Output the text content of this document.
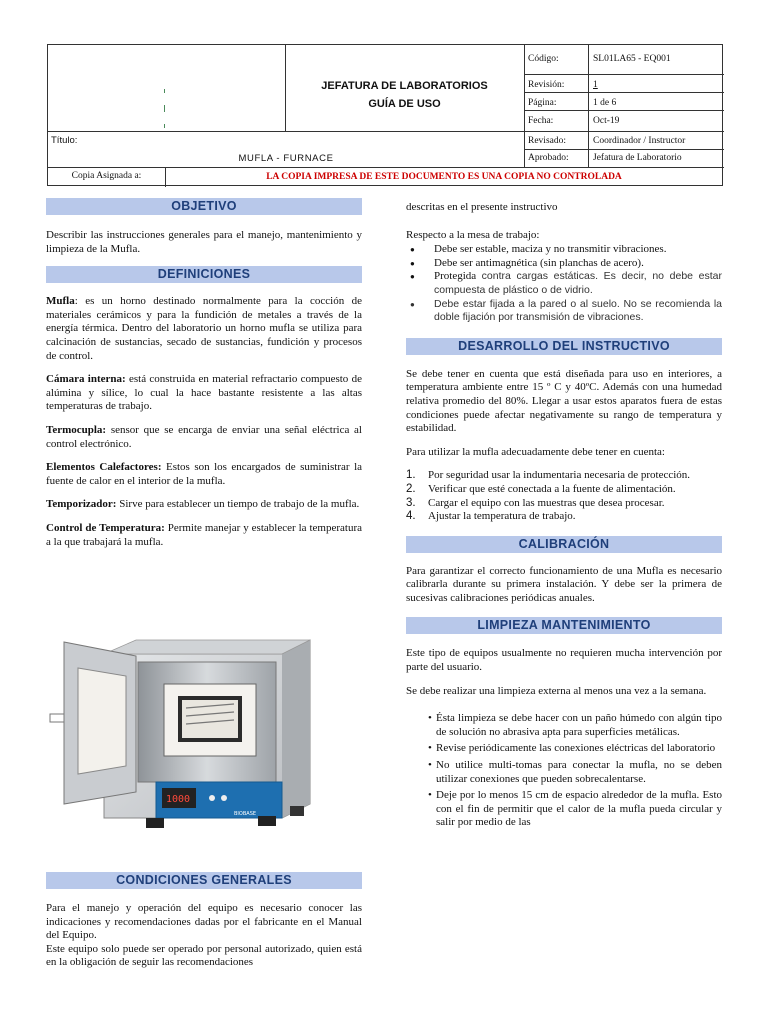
JEFATURA DE LABORATORIOS
GUÍA DE USO
Título:
MUFLA - FURNACE
Código:	SL01LA65 - EQ001
Revisión:	1
Página:	1 de 6
Fecha:	Oct-19
Revisado:	Coordinador / Instructor
Aprobado:	Jefatura de Laboratorio
Copia Asignada a:	LA COPIA IMPRESA DE ESTE DOCUMENTO ES UNA COPIA NO CONTROLADA
OBJETIVO

Describir las instrucciones generales para el manejo, mantenimiento y limpieza de la Mufla.

DEFINICIONES

Mufla: es un horno destinado normalmente para la cocción de materiales cerámicos y para la fundición de metales a través de la energía térmica. Dentro del laboratorio un horno mufla se utiliza para calcinación de sustancias, secado de sustancias, fundición y procesos de control.

Cámara interna: está construida en material refractario compuesto de alúmina y sílice, lo cual la hace bastante resistente a las altas temperaturas de trabajo.

Termocupla: sensor que se encarga de enviar una señal eléctrica al control electrónico.

Elementos Calefactores: Estos son los encargados de suministrar la fuente de calor en el interior de la mufla.

Temporizador: Sirve para establecer un tiempo de trabajo de la mufla.

Control de Temperatura: Permite manejar y establecer la temperatura a la que trabajará la mufla.

1000
BIOBASE
CONDICIONES GENERALES

Para el manejo y operación del equipo es necesario conocer las indicaciones y recomendaciones dadas por el fabricante en el Manual del Equipo.

Este equipo solo puede ser operado por personal autorizado, quien está en la obligación de seguir las recomendaciones

descritas en el presente instructivo

Respecto a la mesa de trabajo:

● Debe ser estable, maciza y no transmitir vibraciones.
● Debe ser antimagnética (sin planchas de acero).
● Protegida contra cargas estáticas. Es decir, no debe estar compuesta de plástico o de vidrio.
● Debe estar fijada a la pared o al suelo. No se recomienda la doble fijación por transmisión de vibraciones.
DESARROLLO DEL INSTRUCTIVO

Se debe tener en cuenta que está diseñada para uso en interiores, a temperatura ambiente entre 15 º C y 40ºC. Además con una humedad relativa promedio del 80%. Llegar a usar estos aparatos fuera de estas condiciones puede afectar negativamente su rango de temperatura y estabilidad.

Para utilizar la mufla adecuadamente debe tener en cuenta:

1. Por seguridad usar la indumentaria necesaria de protección.
2. Verificar que esté conectada a la fuente de alimentación.
3. Cargar el equipo con las muestras que desea procesar.
4. Ajustar la temperatura de trabajo.
CALIBRACIÓN

Para garantizar el correcto funcionamiento de una Mufla es necesario calibrarla durante su primera instalación. Y debe ser la primera de sucesivas calibraciones periódicas anuales.

LIMPIEZA MANTENIMIENTO

Este tipo de equipos usualmente no requieren mucha intervención por parte del usuario.

Se debe realizar una limpieza externa al menos una vez a la semana.

• Ésta limpieza se debe hacer con un paño húmedo con algún tipo de solución no abrasiva apta para superficies metálicas.
• Revise periódicamente las conexiones eléctricas del laboratorio
• No utilice multi-tomas para conectar la mufla, no se deben utilizar conexiones que pueden sobrecalentarse.
• Deje por lo menos 15 cm de espacio alrededor de la mufla. Esto con el fin de permitir que el calor de la mufla pueda circular y salir por medio de las
